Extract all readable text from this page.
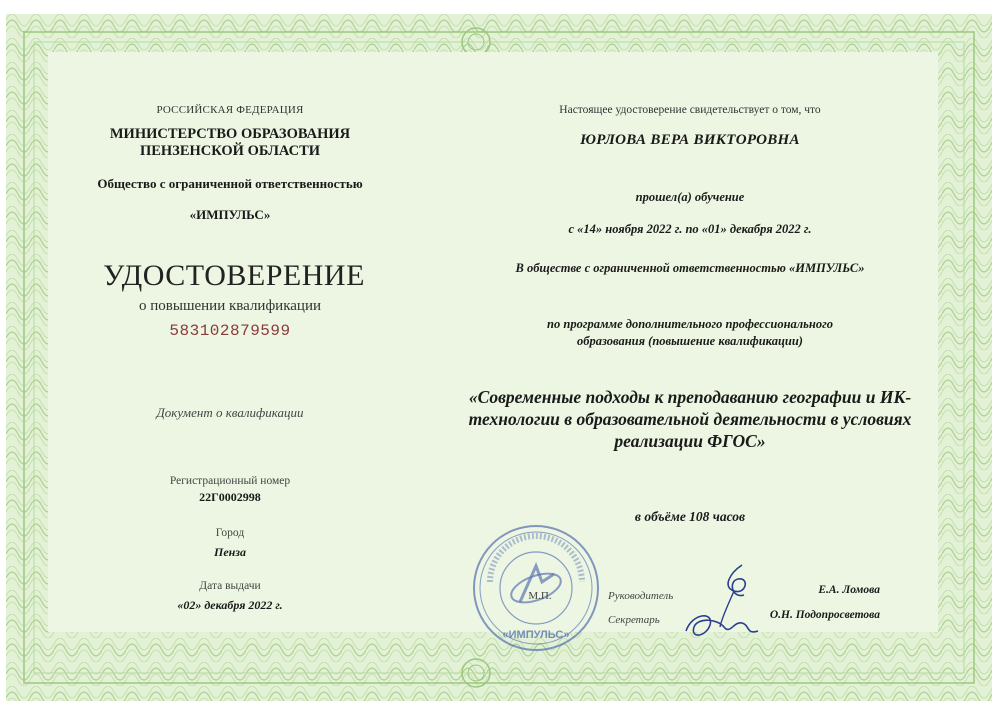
РОССИЙСКАЯ ФЕДЕРАЦИЯ
МИНИСТЕРСТВО ОБРАЗОВАНИЯ ПЕНЗЕНСКОЙ ОБЛАСТИ
Общество с ограниченной ответственностью
«ИМПУЛЬС»
УДОСТОВЕРЕНИЕ
о повышении квалификации
583102879599
Документ о квалификации
Регистрационный номер
22Г0002998
Город
Пенза
Дата выдачи
«02» декабря 2022 г.
Настоящее удостоверение свидетельствует о том, что
ЮРЛОВА ВЕРА ВИКТОРОВНА
прошел(а) обучение
с «14» ноября 2022 г. по «01» декабря 2022 г.
В обществе с ограниченной ответственностью «ИМПУЛЬС»
по программе дополнительного профессионального образования (повышение квалификации)
«Современные подходы к преподаванию географии и ИК-технологии в образовательной деятельности в условиях реализации ФГОС»
в объёме 108 часов
«ИМПУЛЬС»
М.П.	Руководитель
Секретарь
Е.А. Ломова
О.Н. Подопросветова
